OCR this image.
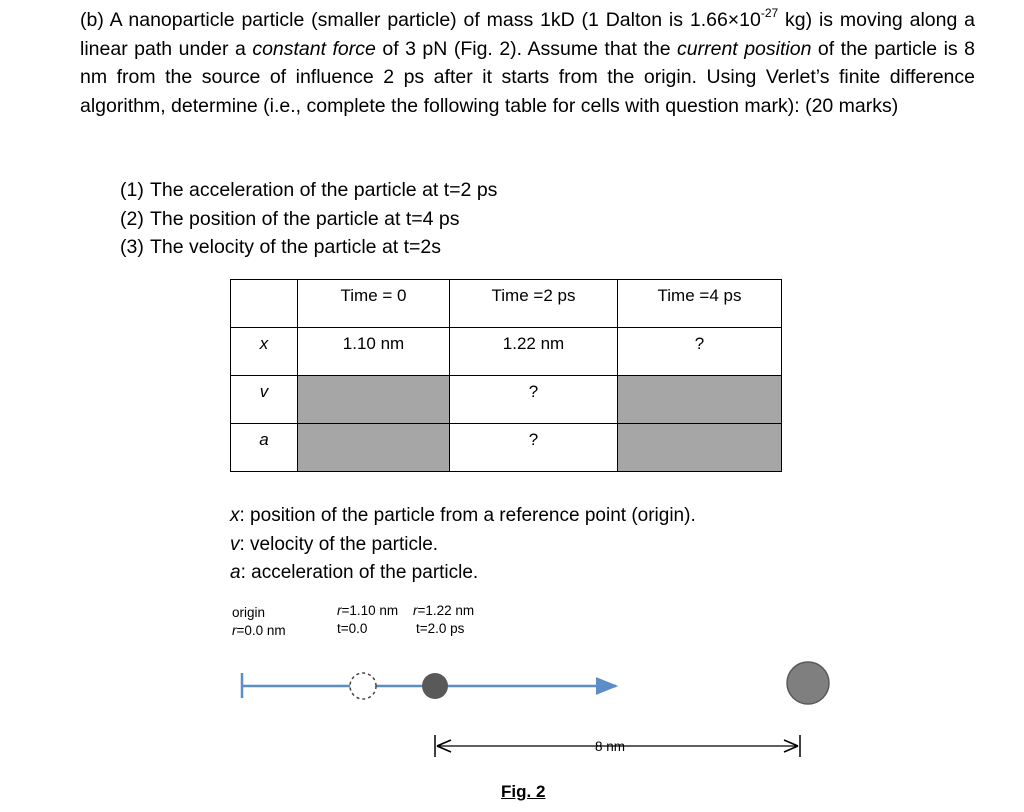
(b) A nanoparticle particle (smaller particle) of mass 1kD (1 Dalton is $1.66\times 10^{-27}$ kg) is moving along a linear path under a constant force of 3 pN (Fig. 2). Assume that the current position of the particle is 8 nm from the source of influence 2 ps after it starts from the origin. Using Verlet’s finite difference algorithm, determine (i.e., complete the following table for cells with question mark): (20 marks)
(1) The acceleration of the particle at t=2 ps
(2) The position of the particle at t=4 ps
(3) The velocity of the particle at t=2s
	Time = 0	Time =2 ps	Time =4 ps
x	1.10 nm	1.22 nm	?
v		?	
a		?	
x: position of the particle from a reference point (origin).
v: velocity of the particle.
a: acceleration of the particle.
origin
r=0.0 nm
r=1.10 nm
t=0.0
r=1.22 nm
t=2.0 ps
8 nm
Fig. 2
